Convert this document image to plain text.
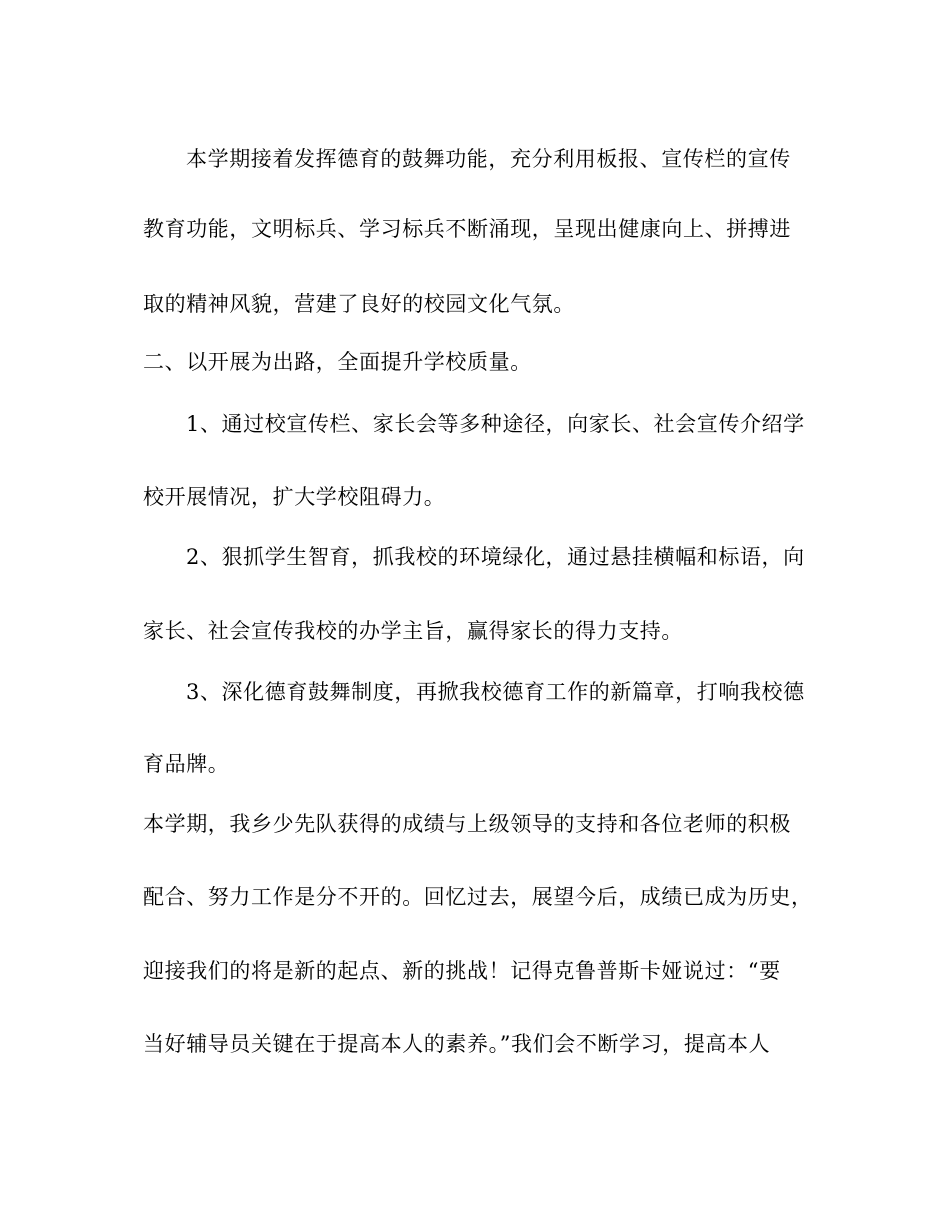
本学期接着发挥德育的鼓舞功能，充分利用板报、宣传栏的宣传
教育功能，文明标兵、学习标兵不断涌现，呈现出健康向上、拼搏进
取的精神风貌，营建了良好的校园文化气氛。
二、以开展为出路，全面提升学校质量。
1、通过校宣传栏、家长会等多种途径，向家长、社会宣传介绍学
校开展情况，扩大学校阻碍力。
2、狠抓学生智育，抓我校的环境绿化，通过悬挂横幅和标语，向
家长、社会宣传我校的办学主旨，赢得家长的得力支持。
3、深化德育鼓舞制度，再掀我校德育工作的新篇章，打响我校德
育品牌。
本学期，我乡少先队获得的成绩与上级领导的支持和各位老师的积极
配合、努力工作是分不开的。回忆过去，展望今后，成绩已成为历史，
迎接我们的将是新的起点、新的挑战！记得克鲁普斯卡娅说过：“要
当好辅导员关键在于提高本人的素养。”我们会不断学习，提高本人
